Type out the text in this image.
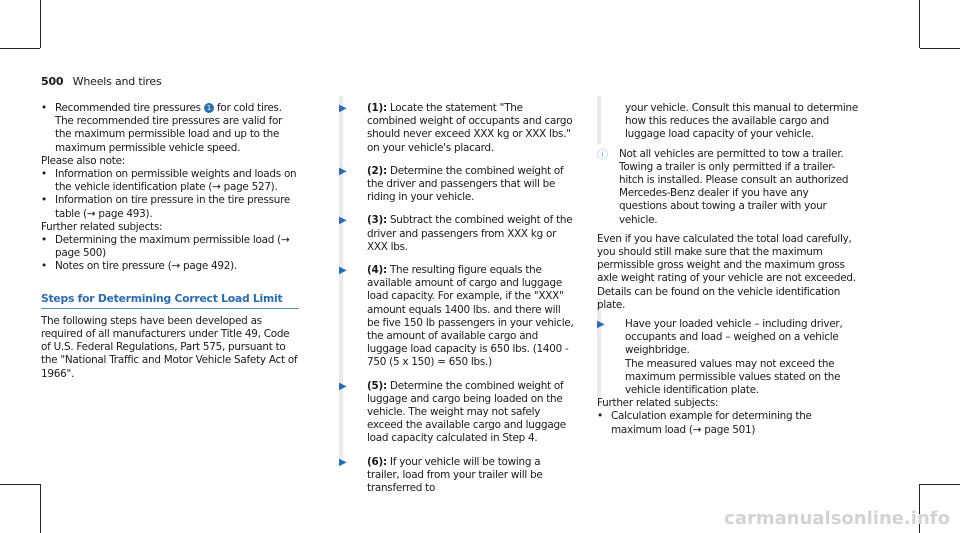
500 Wheels and tires
• Recommended tire pressures 1 for cold tires. The recommended tire pressures are valid for the maximum permissible load and up to the maximum permissible vehicle speed.

Please also note:

• Information on permissible weights and loads on the vehicle identification plate (→ page 527).
• Information on tire pressure in the tire pressure table (→ page 493).

Further related subjects:

• Determining the maximum permissible load (→ page 500)
• Notes on tire pressure (→ page 492).
Steps for Determining Correct Load Limit

The following steps have been developed as required of all manufacturers under Title 49, Code of U.S. Federal Regulations, Part 575, pursuant to the "National Traffic and Motor Vehicle Safety Act of 1966".

▶ (1): Locate the statement "The combined weight of occupants and cargo should never exceed XXX kg or XXX lbs." on your vehicle's placard.
▶ (2): Determine the combined weight of the driver and passengers that will be riding in your vehicle.
▶ (3): Subtract the combined weight of the driver and passengers from XXX kg or XXX lbs.
▶ (4): The resulting figure equals the available amount of cargo and luggage load capacity. For example, if the "XXX" amount equals 1400 lbs. and there will be five 150 lb passengers in your vehicle, the amount of available cargo and luggage load capacity is 650 lbs. (1400 - 750 (5 x 150) = 650 lbs.)
▶ (5): Determine the combined weight of luggage and cargo being loaded on the vehicle. The weight may not safely exceed the available cargo and luggage load capacity calculated in Step 4.
▶ (6): If your vehicle will be towing a trailer, load from your trailer will be transferred to

your vehicle. Consult this manual to determine how this reduces the available cargo and luggage load capacity of your vehicle.

ⓘ Not all vehicles are permitted to tow a trailer. Towing a trailer is only permitted if a trailer-hitch is installed. Please consult an authorized Mercedes-Benz dealer if you have any questions about towing a trailer with your vehicle.

Even if you have calculated the total load carefully, you should still make sure that the maximum permissible gross weight and the maximum gross axle weight rating of your vehicle are not exceeded. Details can be found on the vehicle identification plate.

▶ Have your loaded vehicle – including driver, occupants and load – weighed on a vehicle weighbridge.

The measured values may not exceed the maximum permissible values stated on the vehicle identification plate.

Further related subjects:

• Calculation example for determining the maximum load (→ page 501)
carmanualsonline.info
